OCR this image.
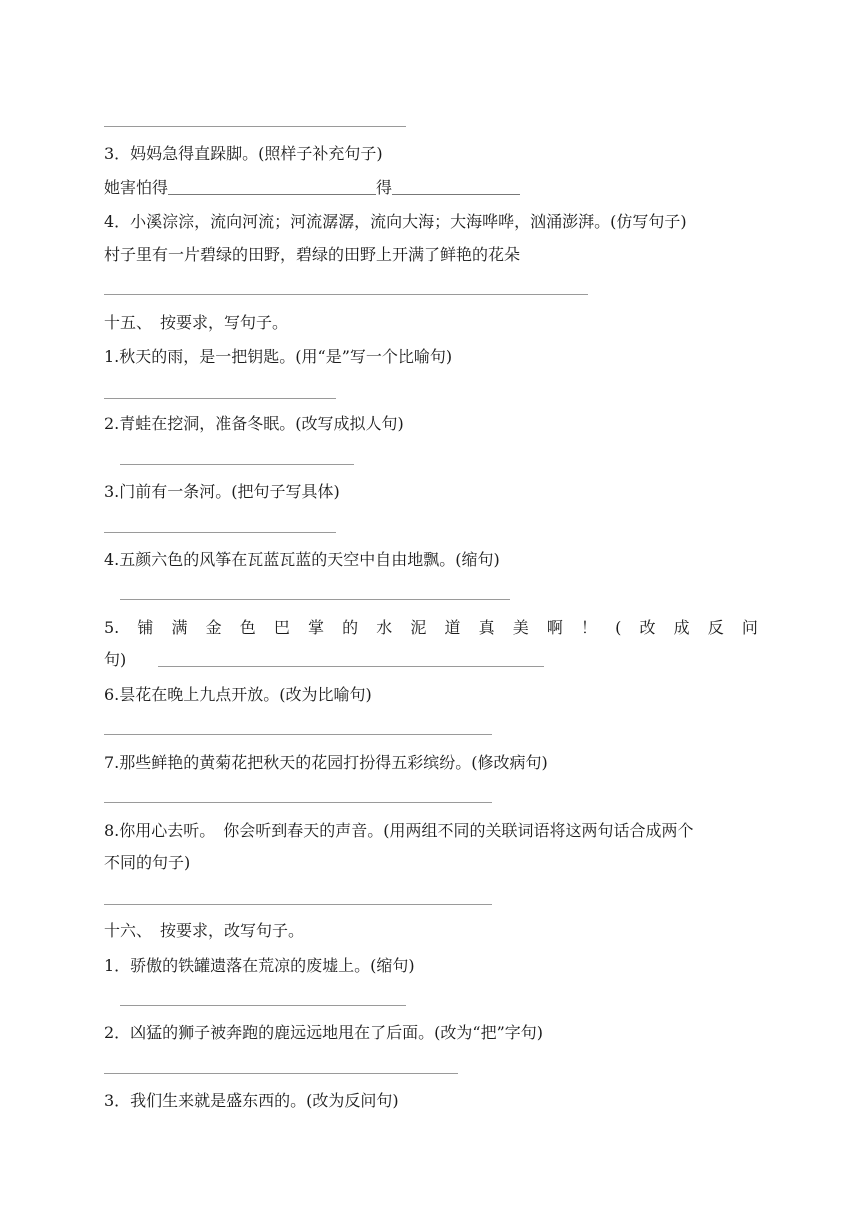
3．妈妈急得直跺脚。(照样子补充句子)
她害怕得	得
4．小溪淙淙，流向河流；河流潺潺，流向大海；大海哗哗，汹涌澎湃。(仿写句子)
村子里有一片碧绿的田野，碧绿的田野上开满了鲜艳的花朵
十五、　按要求，写句子。
1.秋天的雨，是一把钥匙。(用“是”写一个比喻句)
2.青蛙在挖洞，准备冬眠。(改写成拟人句)
3.门前有一条河。(把句子写具体)
4.五颜六色的风筝在瓦蓝瓦蓝的天空中自由地飘。(缩句)
5. 铺 满 金 色 巴 掌 的 水 泥 道 真 美 啊 ！ ( 改 成 反 问
句)
6.昙花在晚上九点开放。(改为比喻句)
7.那些鲜艳的黄菊花把秋天的花园打扮得五彩缤纷。(修改病句)
8.你用心去听。　你会听到春天的声音。(用两组不同的关联词语将这两句话合成两个
不同的句子)
十六、　按要求，改写句子。
1．骄傲的铁罐遗落在荒凉的废墟上。(缩句)
2．凶猛的狮子被奔跑的鹿远远地甩在了后面。(改为“把”字句)
3．我们生来就是盛东西的。(改为反问句)
